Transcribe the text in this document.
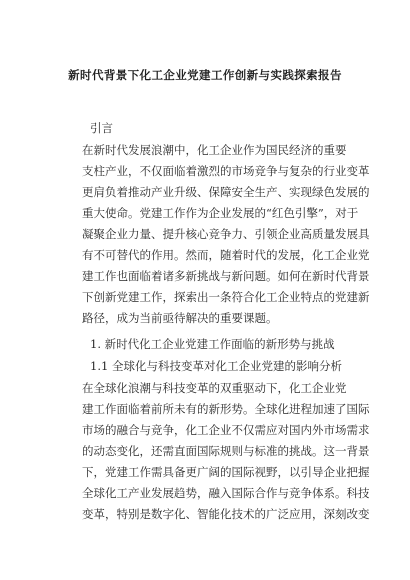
新时代背景下化工企业党建工作创新与实践探索报告
引言
在新时代发展浪潮中，化工企业作为国民经济的重要
支柱产业，不仅面临着激烈的市场竞争与复杂的行业变革
更肩负着推动产业升级、保障安全生产、实现绿色发展的
重大使命。党建工作作为企业发展的“红色引擎”，对于
凝聚企业力量、提升核心竞争力、引领企业高质量发展具
有不可替代的作用。然而，随着时代的发展，化工企业党
建工作也面临着诸多新挑战与新问题。如何在新时代背景
下创新党建工作，探索出一条符合化工企业特点的党建新
路径，成为当前亟待解决的重要课题。
1. 新时代化工企业党建工作面临的新形势与挑战
1.1 全球化与科技变革对化工企业党建的影响分析
在全球化浪潮与科技变革的双重驱动下，化工企业党
建工作面临着前所未有的新形势。全球化进程加速了国际
市场的融合与竞争，化工企业不仅需应对国内外市场需求
的动态变化，还需直面国际规则与标准的挑战。这一背景
下，党建工作需具备更广阔的国际视野，以引导企业把握
全球化工产业发展趋势，融入国际合作与竞争体系。科技
变革，特别是数字化、智能化技术的广泛应用，深刻改变
